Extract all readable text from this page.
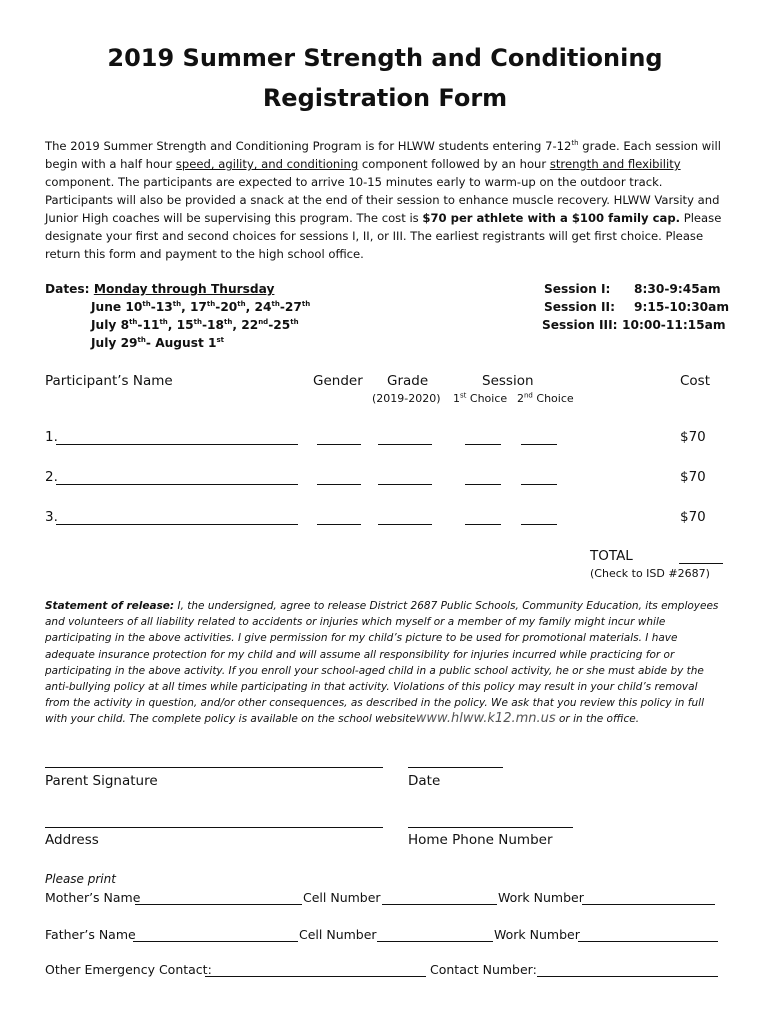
2019 Summer Strength and Conditioning
Registration Form
The 2019 Summer Strength and Conditioning Program is for HLWW students entering 7-12th grade. Each session will begin with a half hour speed, agility, and conditioning component followed by an hour strength and flexibility component. The participants are expected to arrive 10-15 minutes early to warm-up on the outdoor track. Participants will also be provided a snack at the end of their session to enhance muscle recovery. HLWW Varsity and Junior High coaches will be supervising this program. The cost is $70 per athlete with a $100 family cap. Please designate your first and second choices for sessions I, II, or III. The earliest registrants will get first choice. Please return this form and payment to the high school office.
Dates: Monday through Thursday
June 10th-13th, 17th-20th, 24th-27th
July 8th-11th, 15th-18th, 22nd-25th
July 29th- August 1st
Session I: 8:30-9:45am
Session II: 9:15-10:30am
Session III: 10:00-11:15am
Participant’s Name	Gender Grade	Session	Cost
(2019-2020) 1st Choice 2nd Choice
1.	$70
2.	$70
3.	$70
TOTAL
(Check to ISD #2687)
Statement of release: I, the undersigned, agree to release District 2687 Public Schools, Community Education, its employees and volunteers of all liability related to accidents or injuries which myself or a member of my family might incur while participating in the above activities. I give permission for my child’s picture to be used for promotional materials. I have adequate insurance protection for my child and will assume all responsibility for injuries incurred while practicing for or participating in the above activity. If you enroll your school-aged child in a public school activity, he or she must abide by the anti-bullying policy at all times while participating in that activity. Violations of this policy may result in your child’s removal from the activity in question, and/or other consequences, as described in the policy. We ask that you review this policy in full with your child. The complete policy is available on the school websitewww.hlww.k12.mn.us or in the office.
Parent Signature	Date
Address	Home Phone Number
Please print
Mother’s Name	Cell Number	Work Number
Father’s Name	Cell Number	Work Number
Other Emergency Contact:	Contact Number:
